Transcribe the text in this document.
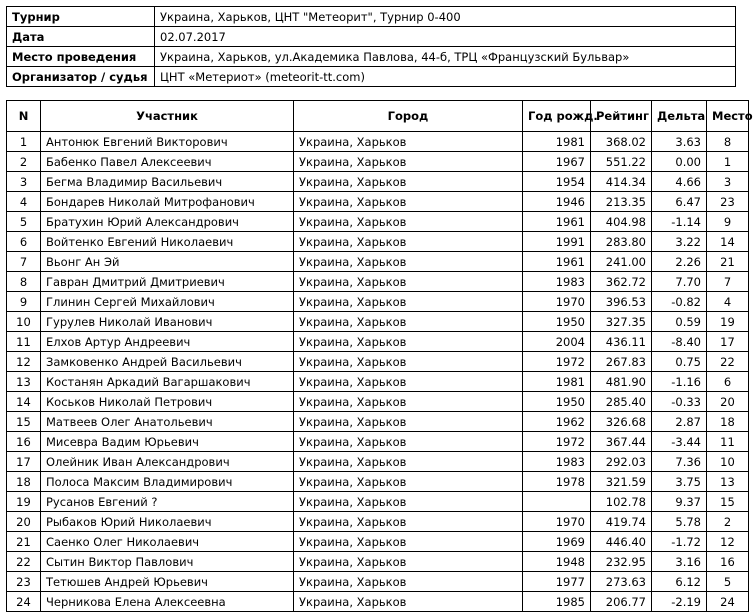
Турнир	Украина, Харьков, ЦНТ "Метеорит", Турнир 0-400
Дата	02.07.2017
Место проведения	Украина, Харьков, ул.Академика Павлова, 44-б, ТРЦ «Французский Бульвар»
Организатор / судья	ЦНТ «Метериот» (meteorit-tt.com)
N	Участник	Город	Год рожд.	Рейтинг	Дельта	Место
1	Антонюк Евгений Викторович	Украина, Харьков	1981	368.02	3.63	8
2	Бабенко Павел Алексеевич	Украина, Харьков	1967	551.22	0.00	1
3	Бегма Владимир Васильевич	Украина, Харьков	1954	414.34	4.66	3
4	Бондарев Николай Митрофанович	Украина, Харьков	1946	213.35	6.47	23
5	Братухин Юрий Александрович	Украина, Харьков	1961	404.98	-1.14	9
6	Войтенко Евгений Николаевич	Украина, Харьков	1991	283.80	3.22	14
7	Вьонг Ан Эй	Украина, Харьков	1961	241.00	2.26	21
8	Гавран Дмитрий Дмитриевич	Украина, Харьков	1983	362.72	7.70	7
9	Глинин Сергей Михайлович	Украина, Харьков	1970	396.53	-0.82	4
10	Гурулев Николай Иванович	Украина, Харьков	1950	327.35	0.59	19
11	Елхов Артур Андреевич	Украина, Харьков	2004	436.11	-8.40	17
12	Замковенко Андрей Васильевич	Украина, Харьков	1972	267.83	0.75	22
13	Костанян Аркадий Вагаршакович	Украина, Харьков	1981	481.90	-1.16	6
14	Коськов Николай Петрович	Украина, Харьков	1950	285.40	-0.33	20
15	Матвеев Олег Анатольевич	Украина, Харьков	1962	326.68	2.87	18
16	Мисевра Вадим Юрьевич	Украина, Харьков	1972	367.44	-3.44	11
17	Олейник Иван Александрович	Украина, Харьков	1983	292.03	7.36	10
18	Полоса Максим Владимирович	Украина, Харьков	1978	321.59	3.75	13
19	Русанов Евгений ?	Украина, Харьков		102.78	9.37	15
20	Рыбаков Юрий Николаевич	Украина, Харьков	1970	419.74	5.78	2
21	Саенко Олег Николаевич	Украина, Харьков	1969	446.40	-1.72	12
22	Сытин Виктор Павлович	Украина, Харьков	1948	232.95	3.16	16
23	Тетюшев Андрей Юрьевич	Украина, Харьков	1977	273.63	6.12	5
24	Черникова Елена Алексеевна	Украина, Харьков	1985	206.77	-2.19	24
